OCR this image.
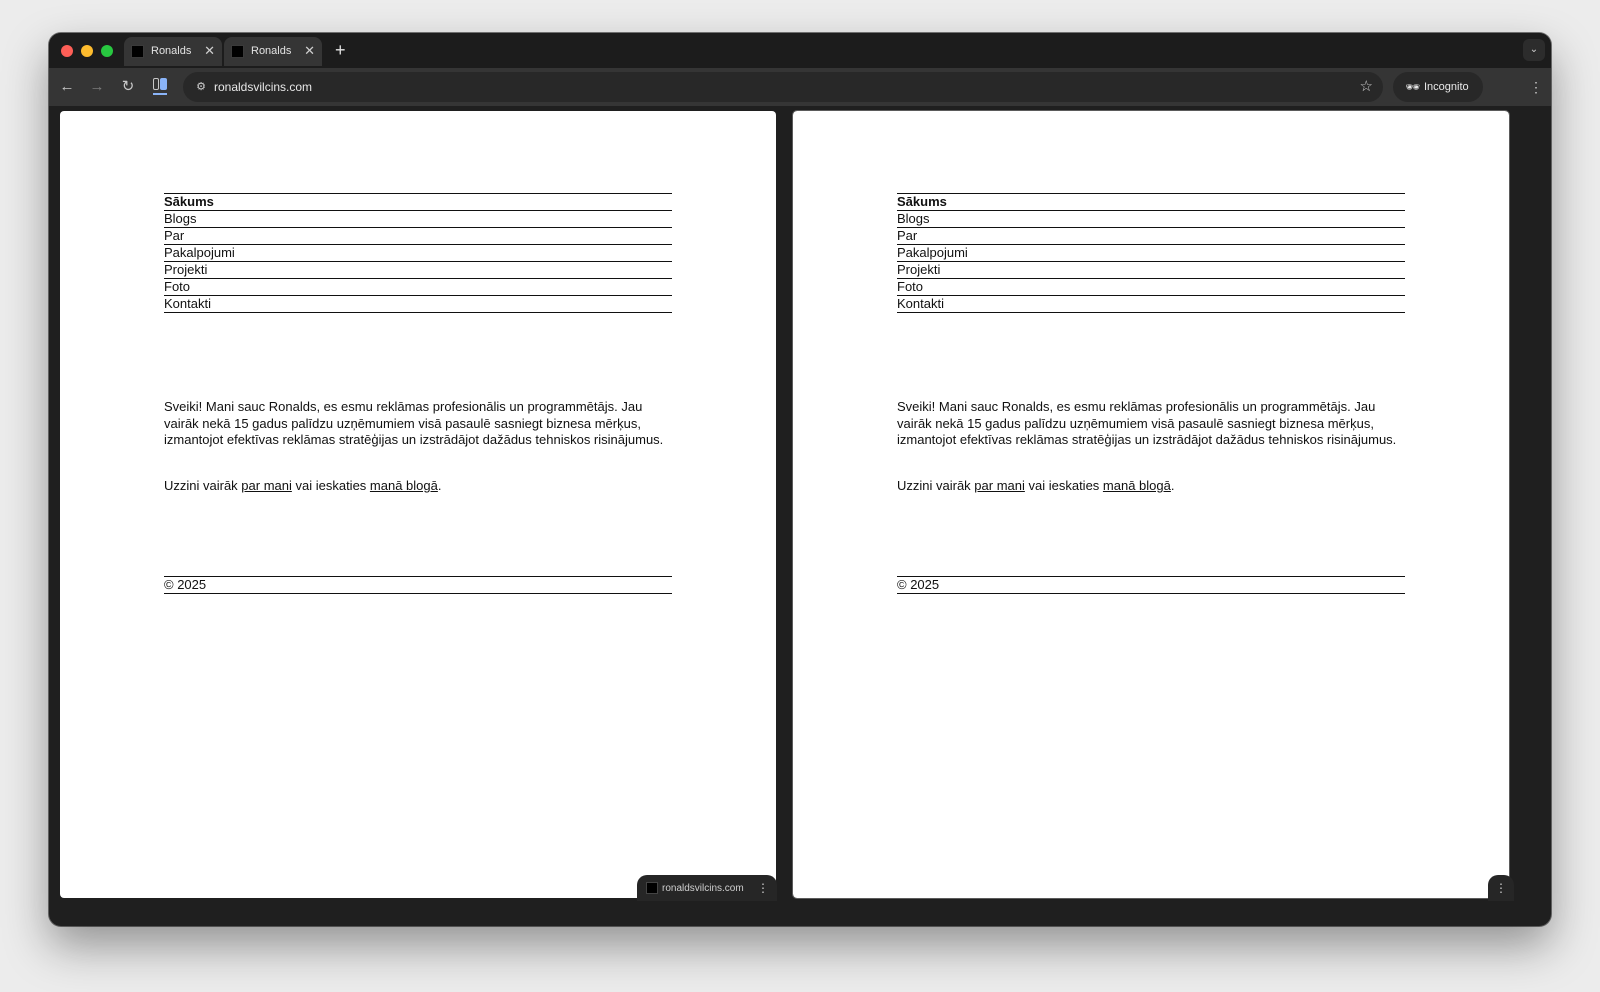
Ronalds ✕	Ronalds ✕ +	⌄
← → ↻	⚙ ronaldsvilcins.com	☆	🕶 Incognito	⋮
Sākums
Blogs
Par
Pakalpojumi
Projekti
Foto
Kontakti

Sveiki! Mani sauc Ronalds, es esmu reklāmas profesionālis un programmētājs. Jau vairāk nekā 15 gadus palīdzu uzņēmumiem visā pasaulē sasniegt biznesa mērķus, izmantojot efektīvas reklāmas stratēģijas un izstrādājot dažādus tehniskos risinājumus.

Uzzini vairāk par mani vai ieskaties manā blogā.
© 2025
Sākums
Blogs
Par
Pakalpojumi
Projekti
Foto
Kontakti

Sveiki! Mani sauc Ronalds, es esmu reklāmas profesionālis un programmētājs. Jau vairāk nekā 15 gadus palīdzu uzņēmumiem visā pasaulē sasniegt biznesa mērķus, izmantojot efektīvas reklāmas stratēģijas un izstrādājot dažādus tehniskos risinājumus.

Uzzini vairāk par mani vai ieskaties manā blogā.
© 2025
ronaldsvilcins.com ⋮	⋮
